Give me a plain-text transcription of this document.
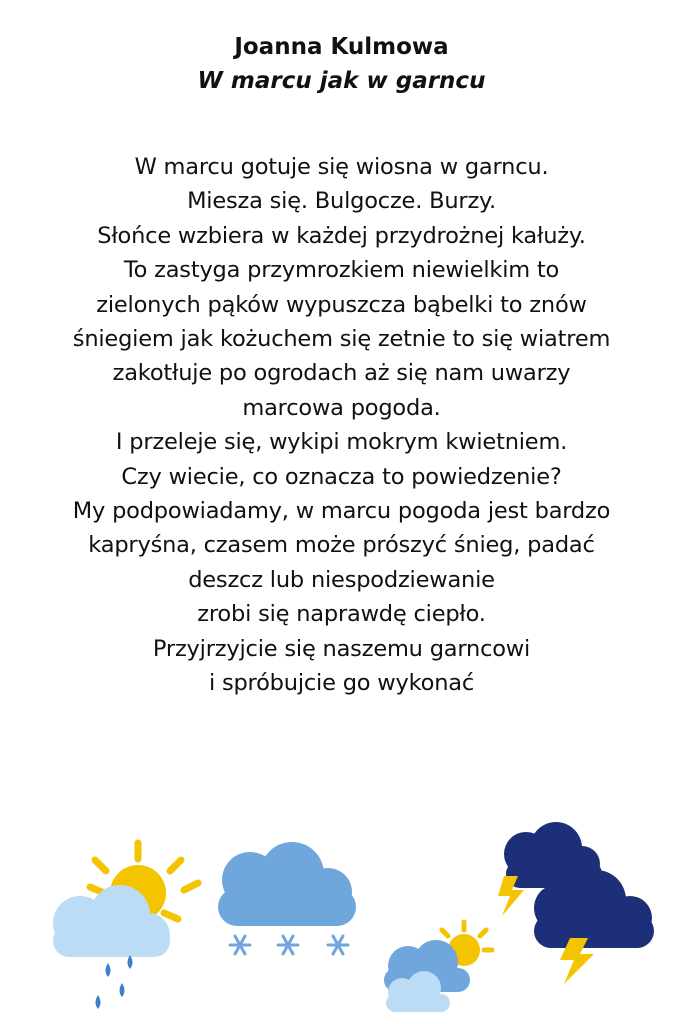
Joanna Kulmowa
W marcu jak w garncu
W marcu gotuje się wiosna w garncu.
Miesza się. Bulgocze. Burzy.
Słońce wzbiera w każdej przydrożnej kałuży.
To zastyga przymrozkiem niewielkim to
zielonych pąków wypuszcza bąbelki to znów
śniegiem jak kożuchem się zetnie to się wiatrem
zakotłuje po ogrodach aż się nam uwarzy
marcowa pogoda.
I przeleje się, wykipi mokrym kwietniem.
Czy wiecie, co oznacza to powiedzenie?
My podpowiadamy, w marcu pogoda jest bardzo
kapryśna, czasem może prószyć śnieg, padać
deszcz lub niespodziewanie
zrobi się naprawdę ciepło.
Przyjrzyjcie się naszemu garncowi
i spróbujcie go wykonać
